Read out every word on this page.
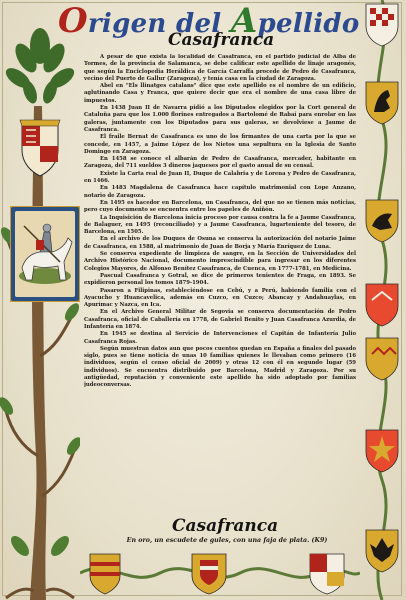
Origen del Apellido
Casafranca

A pesar de que exista la localidad de Casafranca, en el partido judicial de Alba de Tormes, de la provincia de Salamanca, se debe calificar este apellido de linaje aragonés, que según la Enciclopedia Heráldica de García Carraffa procede de Pedro de Casafranca, vecino del Puerto de Gallur (Zaragoza), y tenía casa en la ciudad de Zaragoza.

Abel en "Els llinatges catalans" dice que este apellido es el nombre de un edificio, aglutinando Casa y Franca, que quiere decir que era el nombre de una casa libre de impuestos.

En 1438 Juan II de Navarra pidió a los Diputados elegidos por la Cort general de Cataluña para que los 1.000 florines entregados a Bartolomé de Rabaí para enrolar en las galeras, juntamente con los Diputados para sus galeras, se devolviese a Jaume de Casafranca.

El fraile Bernat de Casafranca es uno de los firmantes de una carta por la que se concede, en 1457, a Jaime López de los Nietos una sepultura en la Iglesia de Santo Domingo en Zaragoza.

En 1458 se conoce el albarán de Pedro de Casafranca, mercader, habitante en Zaragoza, del 711 sueldos 3 dineros jaqueses por el gasto anual de su censal.

Existe la Carta real de Juan II, Duque de Calabria y de Lorena y Pedro de Casafranca, en 1466.

En 1483 Magdalena de Casafranca hace capítulo matrimonial con Lope Anzano, notario de Zaragoza.

En 1495 es hacedor en Barcelona, un Casafranca, del que no se tienen más noticias, pero cuyo documento se encuentra entre los papeles de Aniñón.

La Inquisición de Barcelona inicia proceso por causa contra la fe a Jaume Casafranca, de Balaguer, en 1495 (reconciliado) y a Jaume Casafranca, lugarteniente del tesoro, de Barcelona, en 1505.

En el archivo de los Duques de Osuna se conserva la autorización del notario Jaime de Casafranca, en 1588, al matrimonio de Juan de Borja y María Enríquez de Luna.

Se conserva expediente de limpieza de sangre, en la Sección de Universidades del Archivo Histórico Nacional, documento imprescindible para ingresar en los diferentes Colegios Mayores, de Alfonso Benítez Casafranca, de Cuenca, en 1777-1781, en Medicina.

Pascual Casafranca y Gotral, se dice de primeros tenientes de Fraga, en 1893. Se expidieron personal los tomos 1879-1904.

Pasaron a Filipinas, estableciéndose en Cebú, y a Perú, habiendo familia con el Ayacucho y Huancavelica, además en Cuzco, en Cuzco; Abancay y Andahuaylas, en Apurímac y Nazca, en Ica.

En el Archivo General Militar de Segovia se conserva documentación de Pedro Casafranca, oficial de Caballería en 1778, de Gabriel Benito y Juan Casafranca Azurdia, de Infantería en 1874.

En 1945 se destina al Servicio de Intervenciones el Capitán de Infantería Julio Casafranca Rojas.

Según muestran datos aun que pocos cuentos quedan en España a finales del pasado siglo, pues se tiene noticia de unas 10 familias quienes le llevaban como primero (16 individuos, según el censo oficial de 2009) y otras 12 con él en segundo lugar (59 individuos). Se encuentra distribuido por Barcelona, Madrid y Zaragoza. Por su antigüedad, reputación y conveniente este apellido ha sido adoptado por familias judeoconversas.

Casafranca
En oro, un escudete de gules, con una faja de plata. (K9)
